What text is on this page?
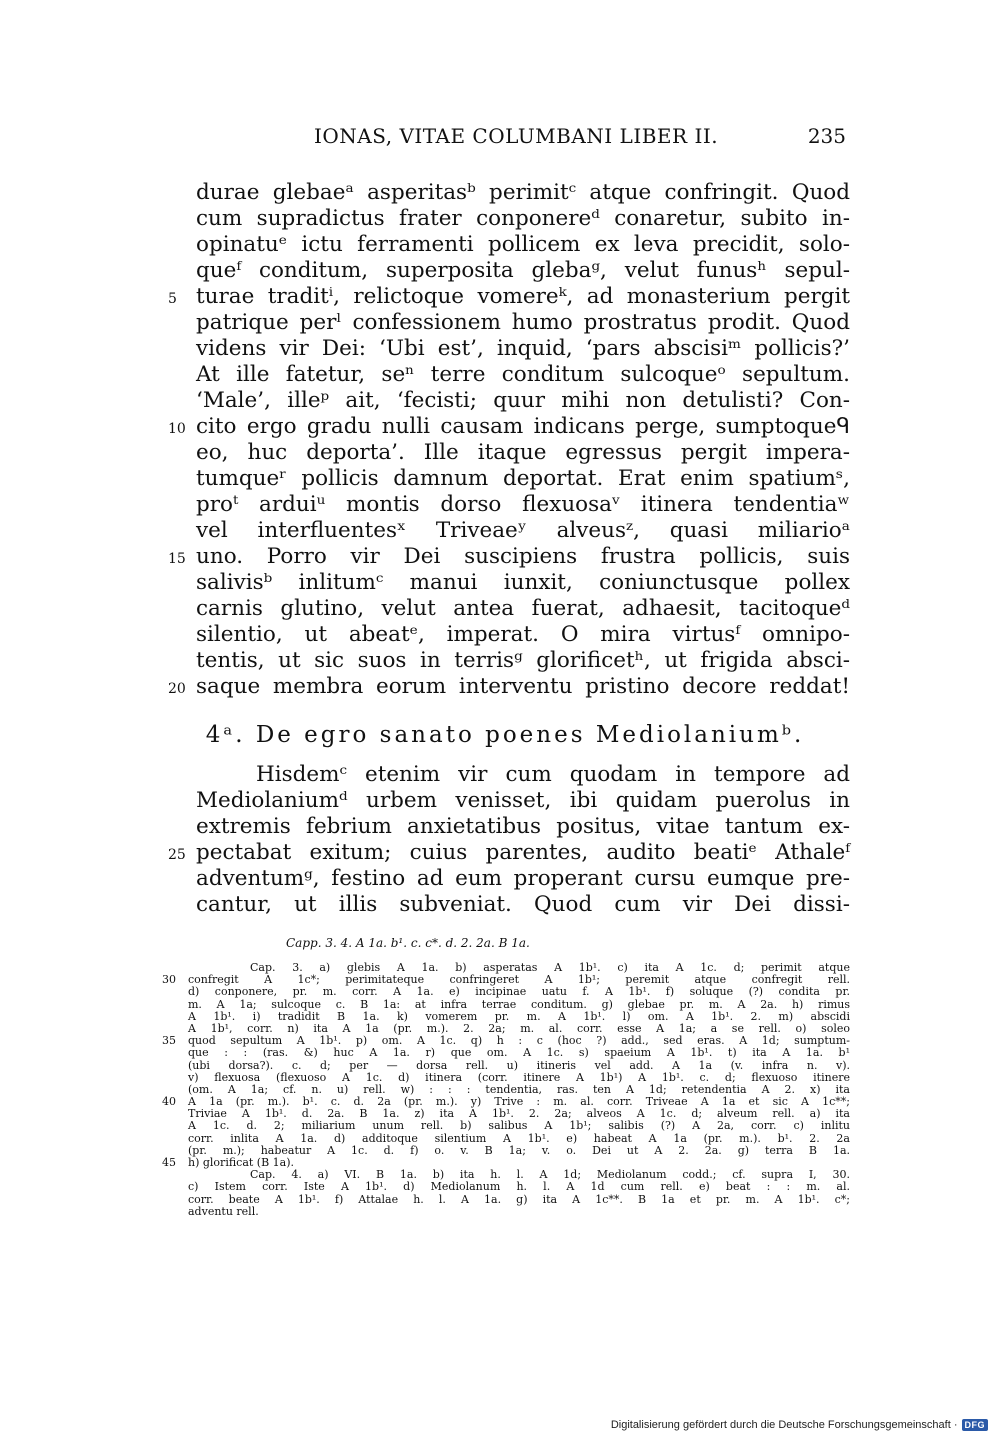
IONAS, VITAE COLUMBANI LIBER II.	235
durae glebaeᵃ asperitasᵇ perimitᶜ atque confringit. Quod
cum supradictus frater conponereᵈ conaretur, subito in-
opinatuᵉ ictu ferramenti pollicem ex leva precidit, solo-
queᶠ conditum, superposita glebaᵍ, velut funusʰ sepul-
5 turae traditⁱ, relictoque vomereᵏ, ad monasterium pergit
patrique perˡ confessionem humo prostratus prodit. Quod
videns vir Dei: ‘Ubi est’, inquid, ‘pars abscisiᵐ pollicis?’
At ille fatetur, seⁿ terre conditum sulcoqueᵒ sepultum.
‘Male’, illeᵖ ait, ‘fecisti; quur mihi non detulisti? Con-
10 cito ergo gradu nulli causam indicans perge, sumptoqueᑫ
eo, huc deporta’. Ille itaque egressus pergit impera-
tumqueʳ pollicis damnum deportat. Erat enim spatiumˢ,
proᵗ arduiᵘ montis dorso flexuosaᵛ itinera tendentiaʷ
vel interfluentesˣ Triveaeʸ alveusᶻ, quasi miliarioᵃ
15 uno. Porro vir Dei suscipiens frustra pollicis, suis
salivisᵇ inlitumᶜ manui iunxit, coniunctusque pollex
carnis glutino, velut antea fuerat, adhaesit, tacitoqueᵈ
silentio, ut abeatᵉ, imperat. O mira virtusᶠ omnipo-
tentis, ut sic suos in terrisᵍ glorificetʰ, ut frigida absci-
20 saque membra eorum interventu pristino decore reddat!
4ᵃ. De egro sanato poenes Mediolaniumᵇ.
Hisdemᶜ etenim vir cum quodam in tempore ad
Mediolaniumᵈ urbem venisset, ibi quidam puerolus in
extremis febrium anxietatibus positus, vitae tantum ex-
25 pectabat exitum; cuius parentes, audito beatiᵉ Athaleᶠ
adventumᵍ, festino ad eum properant cursu eumque pre-
cantur, ut illis subveniat. Quod cum vir Dei dissi-
Capp. 3. 4. A 1a. b¹. c. c*. d. 2. 2a. B 1a.
Cap. 3. a) glebis A 1a. b) asperatas A 1b¹. c) ita A 1c. d; perimit atque
30	confregit A 1c*; perimitateque confringeret A 1b¹; peremit atque confregit rell.
d) conponere, pr. m. corr. A 1a. e) incipinae uatu f. A 1b¹. f) soluque (?) condita pr.
m. A 1a; sulcoque c. B 1a: at infra terrae conditum. g) glebae pr. m. A 2a. h) rimus
A 1b¹. i) tradidit B 1a. k) vomerem pr. m. A 1b¹. l) om. A 1b¹. 2. m) abscidi
A 1b¹, corr. n) ita A 1a (pr. m.). 2. 2a; m. al. corr. esse A 1a; a se rell. o) soleo
35	quod sepultum A 1b¹. p) om. A 1c. q) h : c (hoc ?) add., sed eras. A 1d; sumptum-
que : : (ras. &) huc A 1a. r) que om. A 1c. s) spaeium A 1b¹. t) ita A 1a. b¹
(ubi dorsa?). c. d; per — dorsa rell. u) itineris vel add. A 1a (v. infra n. v).
v) flexuosa (flexuoso A 1c. d) itinera (corr. itinere A 1b¹) A 1b¹. c. d; flexuoso itinere
(om. A 1a; cf. n. u) rell. w) : : : tendentia, ras. ten A 1d; retendentia A 2. x) ita
40	A 1a (pr. m.). b¹. c. d. 2a (pr. m.). y) Trive : m. al. corr. Triveae A 1a et sic A 1c**;
Triviae A 1b¹. d. 2a. B 1a. z) ita A 1b¹. 2. 2a; alveos A 1c. d; alveum rell. a) ita
A 1c. d. 2; miliarium unum rell. b) salibus A 1b¹; salibis (?) A 2a, corr. c) inlitu
corr. inlita A 1a. d) additoque silentium A 1b¹. e) habeat A 1a (pr. m.). b¹. 2. 2a
(pr. m.); habeatur A 1c. d. f) o. v. B 1a; v. o. Dei ut A 2. 2a. g) terra B 1a.
45	h) glorificat (B 1a).
Cap. 4. a) VI. B 1a. b) ita h. l. A 1d; Mediolanum codd.; cf. supra I, 30.
c) Istem corr. Iste A 1b¹. d) Mediolanum h. l. A 1d cum rell. e) beat : : m. al.
corr. beate A 1b¹. f) Attalae h. l. A 1a. g) ita A 1c**. B 1a et pr. m. A 1b¹. c*;
adventu rell.
Digitalisierung gefördert durch die Deutsche Forschungsgemeinschaft · DFG
